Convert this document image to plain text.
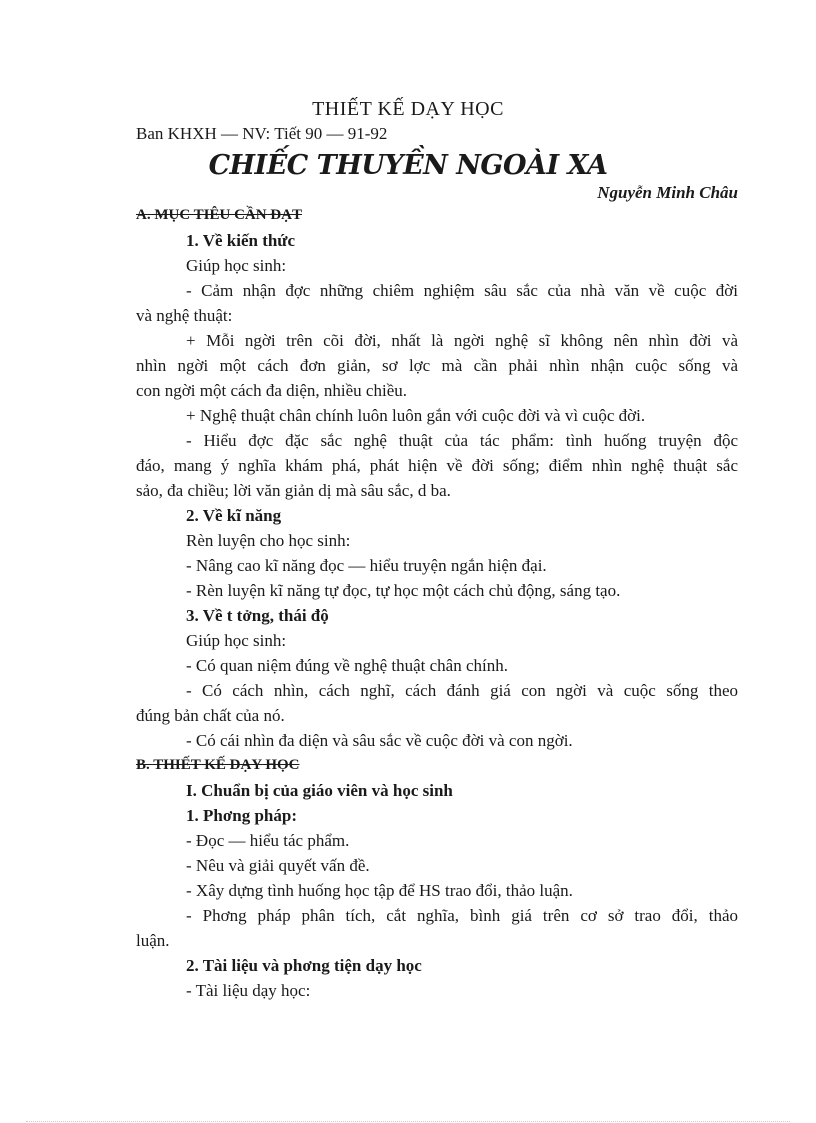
THIẾT KẾ DẠY HỌC
Ban KHXH — NV: Tiết 90 — 91-92
CHIẾC THUYỀN NGOÀI XA
Nguyễn Minh Châu
A. MỤC TIÊU CẦN ĐẠT
1. Về kiến thức
Giúp học sinh:
- Cảm nhận đợc những chiêm nghiệm sâu sắc của nhà văn về cuộc đời
và nghệ thuật:
+ Mỗi ngời trên cõi đời, nhất là ngời nghệ sĩ không nên nhìn đời và
nhìn ngời một cách đơn giản, sơ lợc mà cần phải nhìn nhận cuộc sống và
con ngời một cách đa diện, nhiều chiều.
+ Nghệ thuật chân chính luôn luôn gắn với cuộc đời và vì cuộc đời.
- Hiểu đợc đặc sắc nghệ thuật của tác phẩm: tình huống truyện độc
đáo, mang ý nghĩa khám phá, phát hiện về đời sống; điểm nhìn nghệ thuật sắc
sảo, đa chiều; lời văn giản dị mà sâu sắc, d ba.
2. Về kĩ năng
Rèn luyện cho học sinh:
- Nâng cao kĩ năng đọc — hiểu truyện ngắn hiện đại.
- Rèn luyện kĩ năng tự đọc, tự học một cách chủ động, sáng tạo.
3. Về t tởng, thái độ
Giúp học sinh:
- Có quan niệm đúng về nghệ thuật chân chính.
- Có cách nhìn, cách nghĩ, cách đánh giá con ngời và cuộc sống theo
đúng bản chất của nó.
- Có cái nhìn đa diện và sâu sắc về cuộc đời và con ngời.
B. THIẾT KẾ DẠY HỌC
I. Chuẩn bị của giáo viên và học sinh
1. Phơng pháp:
- Đọc — hiểu tác phẩm.
- Nêu và giải quyết vấn đề.
- Xây dựng tình huống học tập để HS trao đổi, thảo luận.
- Phơng pháp phân tích, cắt nghĩa, bình giá trên cơ sở trao đổi, thảo
luận.
2. Tài liệu và phơng tiện dạy học
- Tài liệu dạy học:
